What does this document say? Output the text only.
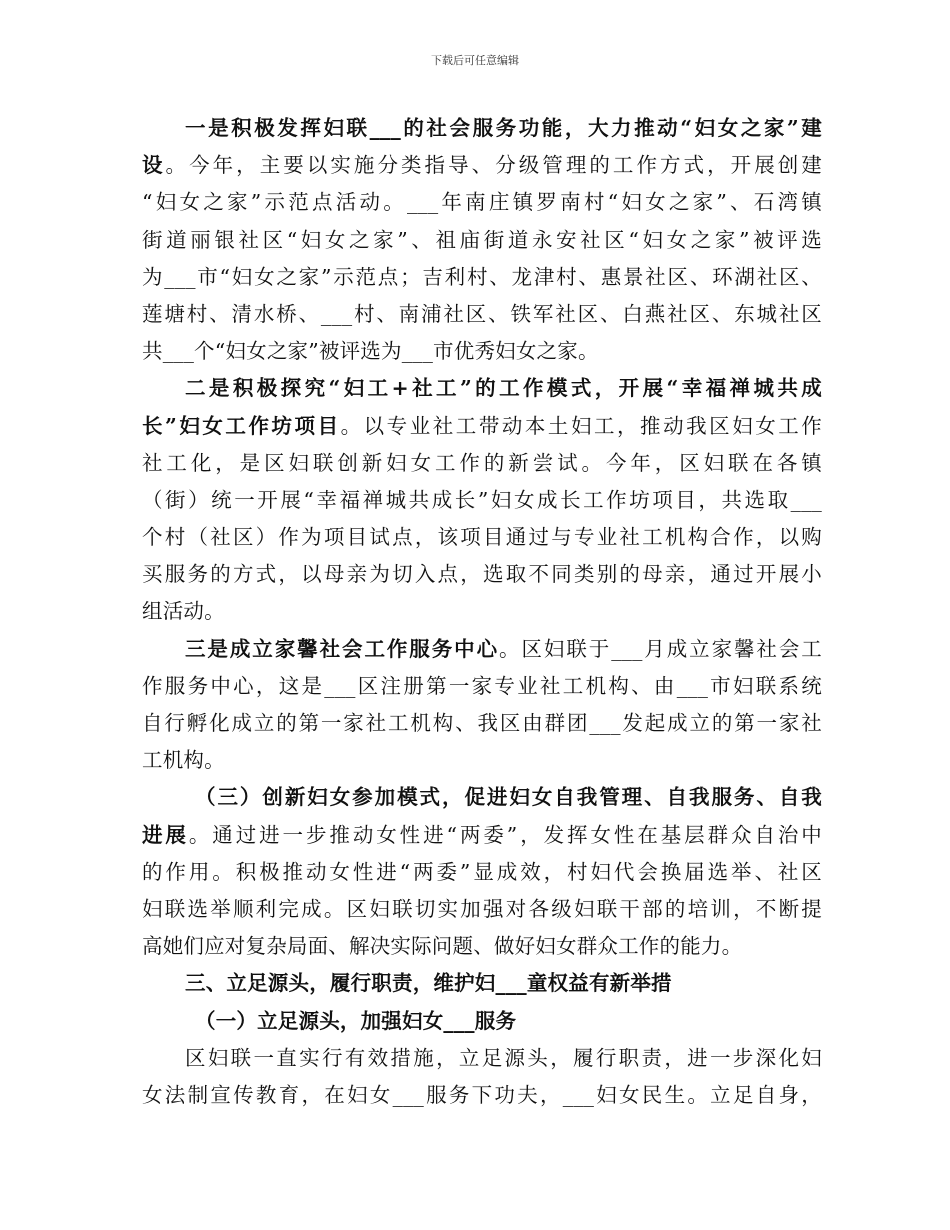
下载后可任意编辑
一是积极发挥妇联___的社会服务功能，大力推动“妇女之家”建
设。今年，主要以实施分类指导、分级管理的工作方式，开展创建
“妇女之家”示范点活动。___年南庄镇罗南村“妇女之家”、石湾镇
街道丽银社区“妇女之家”、祖庙街道永安社区“妇女之家”被评选
为___市“妇女之家”示范点；吉利村、龙津村、惠景社区、环湖社区、
莲塘村、清水桥、___村、南浦社区、铁军社区、白燕社区、东城社区
共___个“妇女之家”被评选为___市优秀妇女之家。
二是积极探究“妇工+社工”的工作模式，开展“幸福禅城共成
长”妇女工作坊项目。以专业社工带动本土妇工，推动我区妇女工作
社工化，是区妇联创新妇女工作的新尝试。今年，区妇联在各镇
（街）统一开展“幸福禅城共成长”妇女成长工作坊项目，共选取___
个村（社区）作为项目试点，该项目通过与专业社工机构合作，以购
买服务的方式，以母亲为切入点，选取不同类别的母亲，通过开展小
组活动。
三是成立家馨社会工作服务中心。区妇联于___月成立家馨社会工
作服务中心，这是___区注册第一家专业社工机构、由___市妇联系统
自行孵化成立的第一家社工机构、我区由群团___发起成立的第一家社
工机构。
（三）创新妇女参加模式，促进妇女自我管理、自我服务、自我
进展。通过进一步推动女性进“两委”，发挥女性在基层群众自治中
的作用。积极推动女性进“两委”显成效，村妇代会换届选举、社区
妇联选举顺利完成。区妇联切实加强对各级妇联干部的培训，不断提
高她们应对复杂局面、解决实际问题、做好妇女群众工作的能力。
三、立足源头，履行职责，维护妇___童权益有新举措
（一）立足源头，加强妇女___服务
区妇联一直实行有效措施，立足源头，履行职责，进一步深化妇
女法制宣传教育，在妇女___服务下功夫，___妇女民生。立足自身，
